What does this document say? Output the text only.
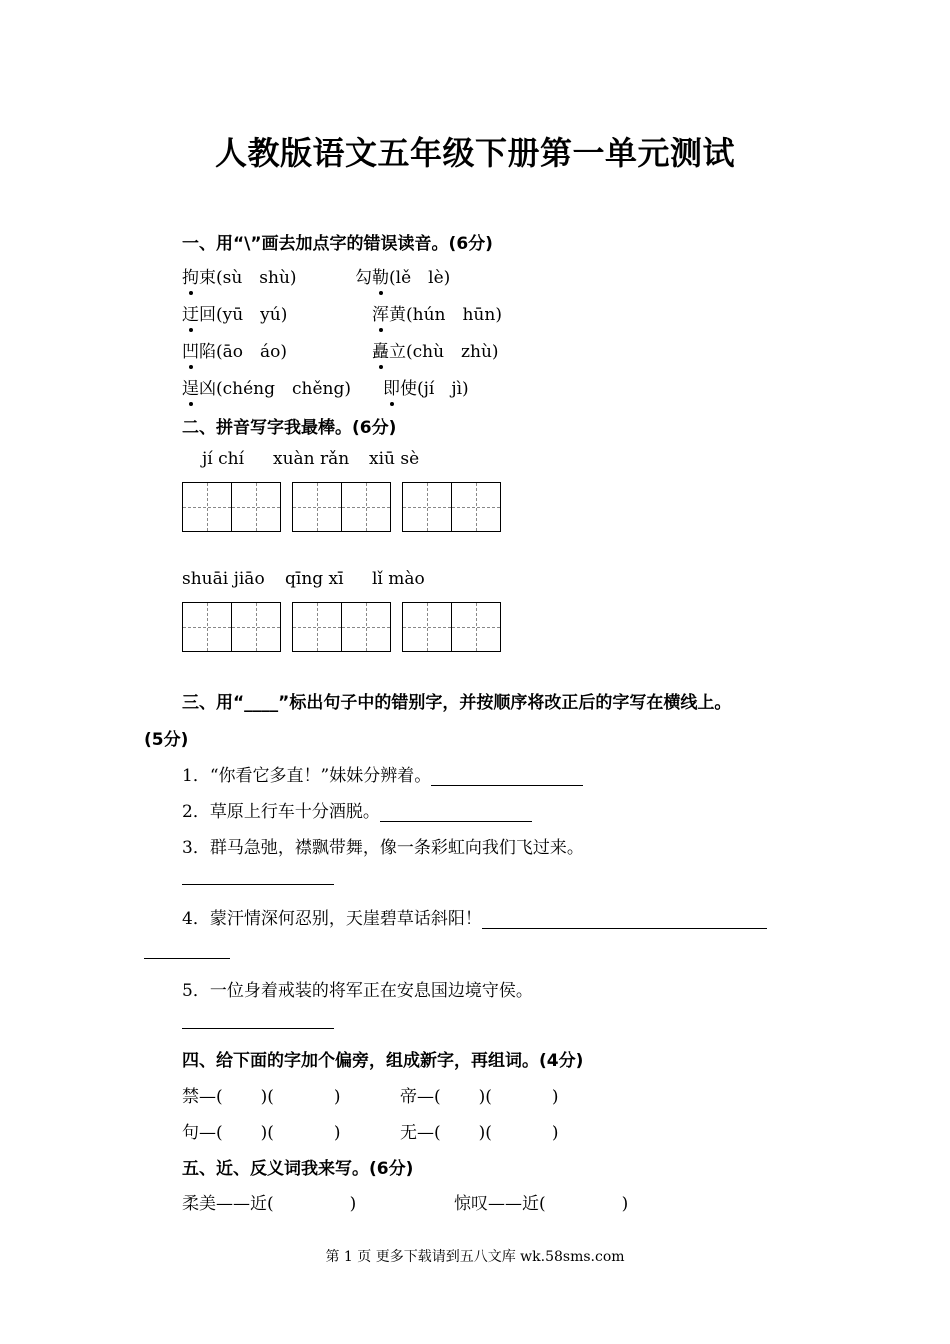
人教版语文五年级下册第一单元测试
一、用“\”画去加点字的错误读音。(6分)
拘束(sù　shù)	勾勒(lě　lè)
迂回(yū　yú)	浑黄(hún　hūn)
凹陷(āo　áo)	矗立(chù　zhù)
逞凶(chéng　chěng) 即使(jí　jì)
二、拼音写字我最棒。(6分)
jí chí xuàn rǎn xiū sè
shuāi jiāo qīng xī lǐ mào
三、用“____”标出句子中的错别字，并按顺序将改正后的字写在横线上。
(5分)
1．“你看它多直！”妹妹分辨着。
2．草原上行车十分酒脱。
3．群马急弛，襟飘带舞，像一条彩虹向我们飞过来。
4．蒙汗情深何忍别，天崖碧草话斜阳！
5．一位身着戒装的将军正在安息国边境守侯。
四、给下面的字加个偏旁，组成新字，再组词。(4分)
禁—( )(	)	帝—( )(	)
句—( )(	)	无—( )(	)
五、近、反义词我来写。(6分)
柔美——近(	)	惊叹——近(	)
第 1 页 更多下载请到五八文库 wk.58sms.com
